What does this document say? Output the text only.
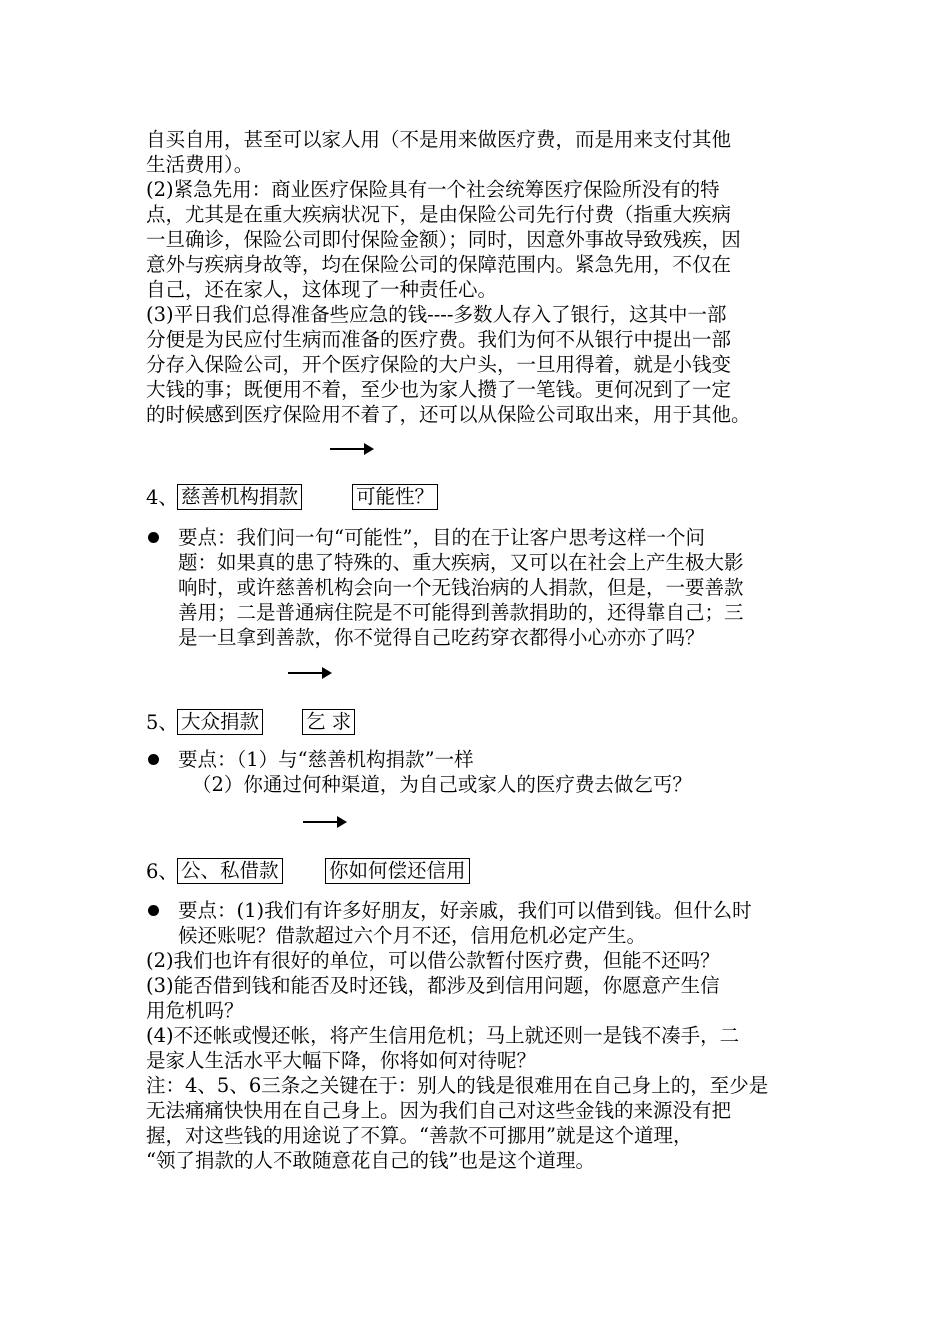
自买自用，甚至可以家人用（不是用来做医疗费，而是用来支付其他
生活费用）。
(2)紧急先用：商业医疗保险具有一个社会统筹医疗保险所没有的特
点，尤其是在重大疾病状况下，是由保险公司先行付费（指重大疾病
一旦确诊，保险公司即付保险金额）；同时，因意外事故导致残疾，因
意外与疾病身故等，均在保险公司的保障范围内。紧急先用，不仅在
自己，还在家人，这体现了一种责任心。
(3)平日我们总得准备些应急的钱----多数人存入了银行，这其中一部
分便是为民应付生病而准备的医疗费。我们为何不从银行中提出一部
分存入保险公司，开个医疗保险的大户头，一旦用得着，就是小钱变
大钱的事；既便用不着，至少也为家人攒了一笔钱。更何况到了一定
的时候感到医疗保险用不着了，还可以从保险公司取出来，用于其他。
4、 慈善机构捐款	可能性？
要点：我们问一句“可能性”，目的在于让客户思考这样一个问
题：如果真的患了特殊的、重大疾病，又可以在社会上产生极大影
响时，或许慈善机构会向一个无钱治病的人捐款，但是，一要善款
善用；二是普通病住院是不可能得到善款捐助的，还得靠自己；三
是一旦拿到善款，你不觉得自己吃药穿衣都得小心亦亦了吗？
5、 大众捐款 乞 求
要点：（1）与“慈善机构捐款”一样
（2）你通过何种渠道，为自己或家人的医疗费去做乞丐？
6、 公、私借款	你如何偿还信用
要点：(1)我们有许多好朋友，好亲戚，我们可以借到钱。但什么时
候还账呢？借款超过六个月不还，信用危机必定产生。
(2)我们也许有很好的单位，可以借公款暂付医疗费，但能不还吗？
(3)能否借到钱和能否及时还钱，都涉及到信用问题，你愿意产生信
用危机吗？
(4)不还帐或慢还帐，将产生信用危机；马上就还则一是钱不凑手，二
是家人生活水平大幅下降，你将如何对待呢？
注：4、5、6三条之关键在于：别人的钱是很难用在自己身上的，至少是
无法痛痛快快用在自己身上。因为我们自己对这些金钱的来源没有把
握，对这些钱的用途说了不算。“善款不可挪用”就是这个道理，
“领了捐款的人不敢随意花自己的钱”也是这个道理。
